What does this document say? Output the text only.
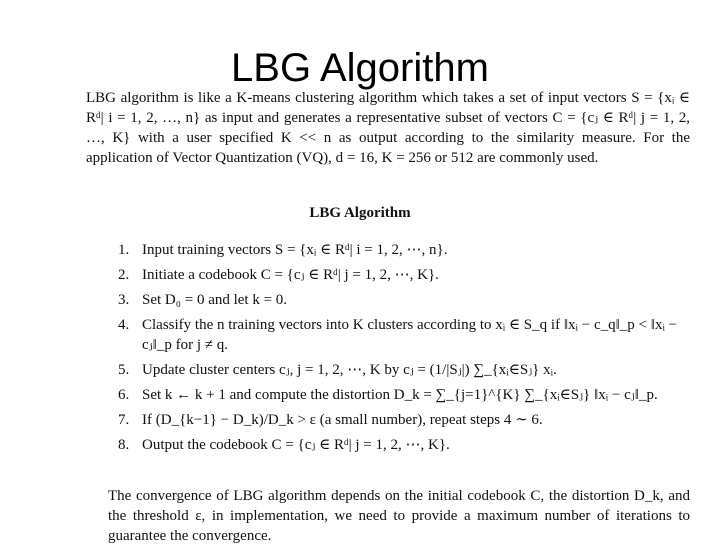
LBG Algorithm

LBG algorithm is like a K-means clustering algorithm which takes a set of input vectors S = {xᵢ ∈ Rᵈ| i = 1, 2, …, n} as input and generates a representative subset of vectors C = {cⱼ ∈ Rᵈ| j = 1, 2, …, K} with a user specified K << n as output according to the similarity measure. For the application of Vector Quantization (VQ), d = 16, K = 256 or 512 are commonly used.

LBG Algorithm
1. Input training vectors S = {xᵢ ∈ Rᵈ| i = 1, 2, ⋯, n}.
2. Initiate a codebook C = {cⱼ ∈ Rᵈ| j = 1, 2, ⋯, K}.
3. Set D₀ = 0 and let k = 0.
4. Classify the n training vectors into K clusters according to xᵢ ∈ S_q if ‖xᵢ − c_q‖_p < ‖xᵢ − cⱼ‖_p for j ≠ q.
5. Update cluster centers cⱼ, j = 1, 2, ⋯, K by cⱼ = (1/|Sⱼ|) ∑_{xᵢ∈Sⱼ} xᵢ.
6. Set k ← k + 1 and compute the distortion D_k = ∑_{j=1}^{K} ∑_{xᵢ∈Sⱼ} ‖xᵢ − cⱼ‖_p.
7. If (D_{k−1} − D_k)/D_k > ε (a small number), repeat steps 4 ∼ 6.
8. Output the codebook C = {cⱼ ∈ Rᵈ| j = 1, 2, ⋯, K}.

The convergence of LBG algorithm depends on the initial codebook C, the distortion D_k, and the threshold ε, in implementation, we need to provide a maximum number of iterations to guarantee the convergence.
